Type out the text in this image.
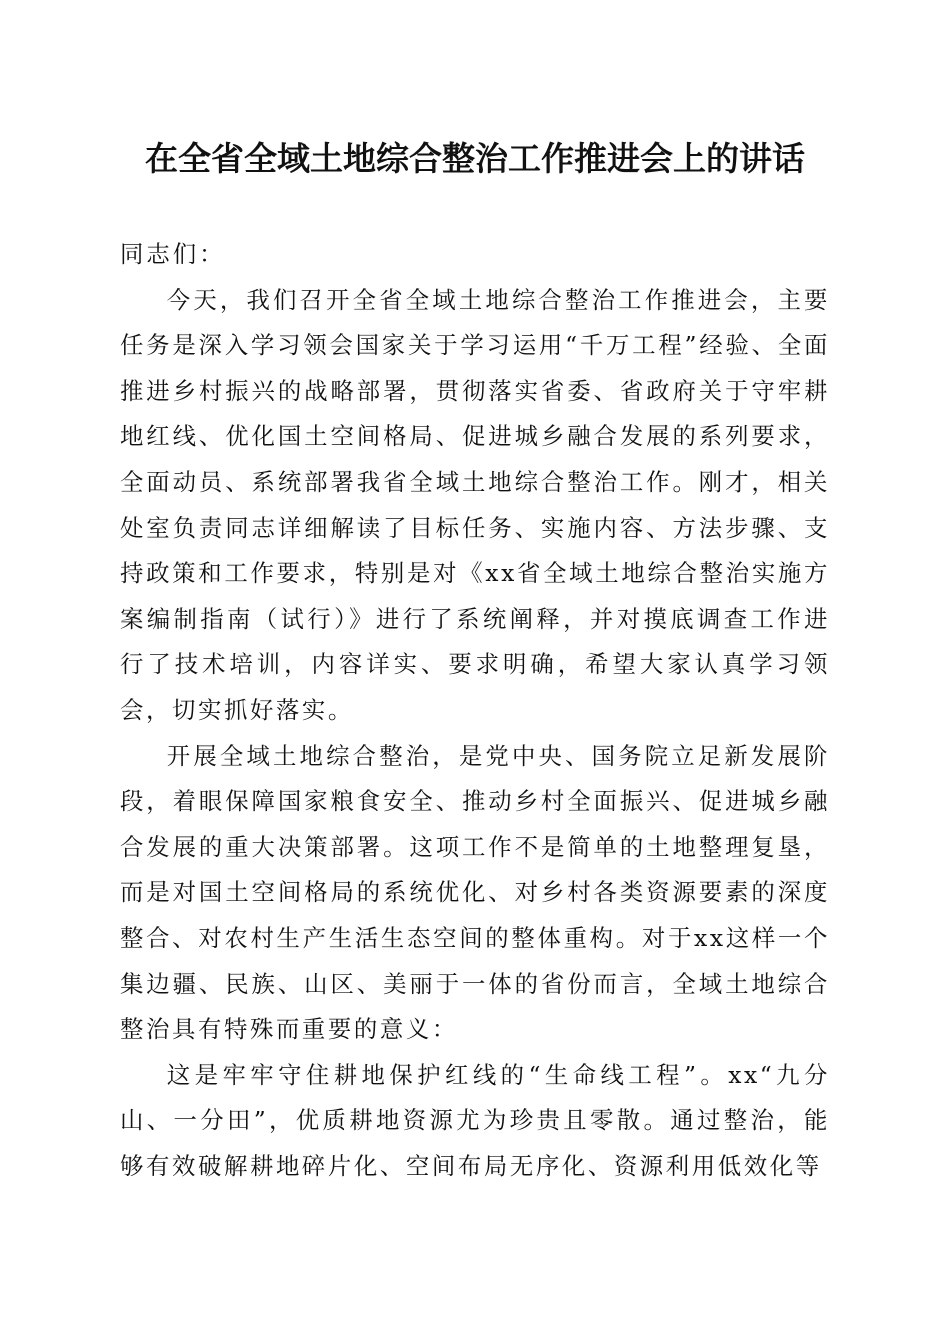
在全省全域土地综合整治工作推进会上的讲话

同志们：

今天，我们召开全省全域土地综合整治工作推进会，主要任务是深入学习领会国家关于学习运用“千万工程”经验、全面推进乡村振兴的战略部署，贯彻落实省委、省政府关于守牢耕地红线、优化国土空间格局、促进城乡融合发展的系列要求，全面动员、系统部署我省全域土地综合整治工作。刚才，相关处室负责同志详细解读了目标任务、实施内容、方法步骤、支持政策和工作要求，特别是对《xx省全域土地综合整治实施方案编制指南（试行）》进行了系统阐释，并对摸底调查工作进行了技术培训，内容详实、要求明确，希望大家认真学习领会，切实抓好落实。

开展全域土地综合整治，是党中央、国务院立足新发展阶段，着眼保障国家粮食安全、推动乡村全面振兴、促进城乡融合发展的重大决策部署。这项工作不是简单的土地整理复垦，而是对国土空间格局的系统优化、对乡村各类资源要素的深度整合、对农村生产生活生态空间的整体重构。对于xx这样一个集边疆、民族、山区、美丽于一体的省份而言，全域土地综合整治具有特殊而重要的意义：

这是牢牢守住耕地保护红线的“生命线工程”。xx“九分山、一分田”，优质耕地资源尤为珍贵且零散。通过整治，能够有效破解耕地碎片化、空间布局无序化、资源利用低效化等
